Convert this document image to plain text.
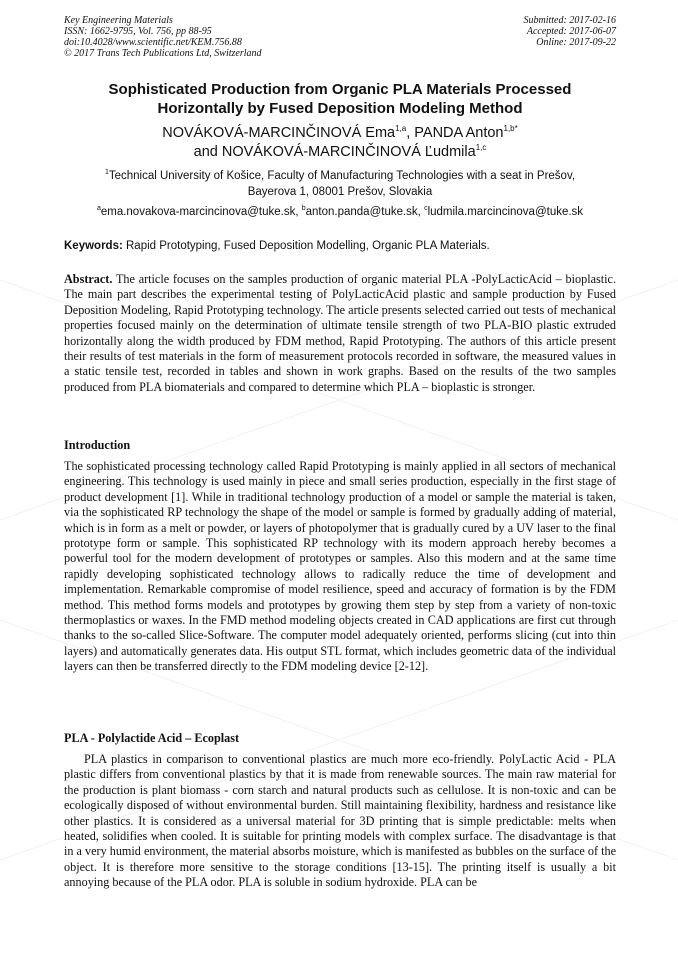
Key Engineering Materials
ISSN: 1662-9795, Vol. 756, pp 88-95
doi:10.4028/www.scientific.net/KEM.756.88
© 2017 Trans Tech Publications Ltd, Switzerland
Submitted: 2017-02-16
Accepted: 2017-06-07
Online: 2017-09-22
Sophisticated Production from Organic PLA Materials Processed
Horizontally by Fused Deposition Modeling Method
NOVÁKOVÁ-MARCINČINOVÁ Ema$^{1,a}$, PANDA Anton$^{1,b*}$
and NOVÁKOVÁ-MARCINČINOVÁ Ľudmila$^{1,c}$
$^1$Technical University of Košice, Faculty of Manufacturing Technologies with a seat in Prešov,
Bayerova 1, 08001 Prešov, Slovakia
$^a$ema.novakova-marcincinova@tuke.sk, $^b$anton.panda@tuke.sk, $^c$ludmila.marcincinova@tuke.sk
Keywords: Rapid Prototyping, Fused Deposition Modelling, Organic PLA Materials.
Abstract. The article focuses on the samples production of organic material PLA -PolyLacticAcid – bioplastic. The main part describes the experimental testing of PolyLacticAcid plastic and sample production by Fused Deposition Modeling, Rapid Prototyping technology. The article presents selected carried out tests of mechanical properties focused mainly on the determination of ultimate tensile strength of two PLA-BIO plastic extruded horizontally along the width produced by FDM method, Rapid Prototyping. The authors of this article present their results of test materials in the form of measurement protocols recorded in software, the measured values in a static tensile test, recorded in tables and shown in work graphs. Based on the results of the two samples produced from PLA biomaterials and compared to determine which PLA – bioplastic is stronger.
Introduction
The sophisticated processing technology called Rapid Prototyping is mainly applied in all sectors of mechanical engineering. This technology is used mainly in piece and small series production, especially in the first stage of product development [1]. While in traditional technology production of a model or sample the material is taken, via the sophisticated RP technology the shape of the model or sample is formed by gradually adding of material, which is in form as a melt or powder, or layers of photopolymer that is gradually cured by a UV laser to the final prototype form or sample. This sophisticated RP technology with its modern approach hereby becomes a powerful tool for the modern development of prototypes or samples. Also this modern and at the same time rapidly developing sophisticated technology allows to radically reduce the time of development and implementation. Remarkable compromise of model resilience, speed and accuracy of formation is by the FDM method. This method forms models and prototypes by growing them step by step from a variety of non-toxic thermoplastics or waxes. In the FMD method modeling objects created in CAD applications are first cut through thanks to the so-called Slice-Software. The computer model adequately oriented, performs slicing (cut into thin layers) and automatically generates data. His output STL format, which includes geometric data of the individual layers can then be transferred directly to the FDM modeling device [2-12].
PLA - Polylactide Acid – Ecoplast
PLA plastics in comparison to conventional plastics are much more eco-friendly. PolyLactic Acid - PLA plastic differs from conventional plastics by that it is made from renewable sources. The main raw material for the production is plant biomass - corn starch and natural products such as cellulose. It is non-toxic and can be ecologically disposed of without environmental burden. Still maintaining flexibility, hardness and resistance like other plastics. It is considered as a universal material for 3D printing that is simple predictable: melts when heated, solidifies when cooled. It is suitable for printing models with complex surface. The disadvantage is that in a very humid environment, the material absorbs moisture, which is manifested as bubbles on the surface of the object. It is therefore more sensitive to the storage conditions [13-15]. The printing itself is usually a bit annoying because of the PLA odor. PLA is soluble in sodium hydroxide. PLA can be
